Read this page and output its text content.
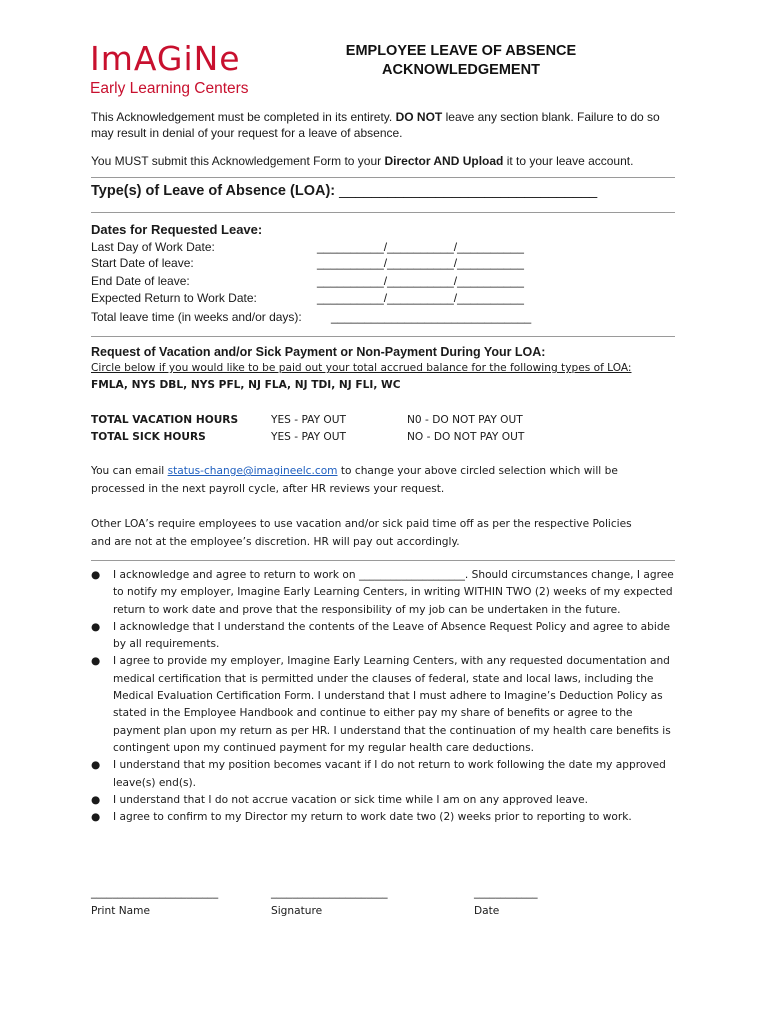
ImAGiNe
Early Learning Centers
EMPLOYEE LEAVE OF ABSENCE
ACKNOWLEDGEMENT
This Acknowledgement must be completed in its entirety. DO NOT leave any section blank. Failure to do so may result in denial of your request for a leave of absence.
You MUST submit this Acknowledgement Form to your Director AND Upload it to your leave account.
Type(s) of Leave of Absence (LOA): ________________________________
Dates for Requested Leave:
Last Day of Work Date:	__________/__________/__________
Start Date of leave:	__________/__________/__________
End Date of leave:	__________/__________/__________
Expected Return to Work Date:	__________/__________/__________
Total leave time (in weeks and/or days): ______________________________
Request of Vacation and/or Sick Payment or Non-Payment During Your LOA:
Circle below if you would like to be paid out your total accrued balance for the following types of LOA:
FMLA, NYS DBL, NYS PFL, NJ FLA, NJ TDI, NJ FLI, WC
TOTAL VACATION HOURS	YES - PAY OUT	N0 - DO NOT PAY OUT
TOTAL SICK HOURS	YES - PAY OUT	NO - DO NOT PAY OUT
You can email status-change@imagineelc.com to change your above circled selection which will be
processed in the next payroll cycle, after HR reviews your request.
Other LOA’s require employees to use vacation and/or sick paid time off as per the respective Policies
and are not at the employee’s discretion. HR will pay out accordingly.
● I acknowledge and agree to return to work on ____________________. Should circumstances change, I agree to notify my employer, Imagine Early Learning Centers, in writing WITHIN TWO (2) weeks of my expected return to work date and prove that the responsibility of my job can be undertaken in the future.
● I acknowledge that I understand the contents of the Leave of Absence Request Policy and agree to abide by all requirements.
● I agree to provide my employer, Imagine Early Learning Centers, with any requested documentation and medical certification that is permitted under the clauses of federal, state and local laws, including the Medical Evaluation Certification Form. I understand that I must adhere to Imagine’s Deduction Policy as stated in the Employee Handbook and continue to either pay my share of benefits or agree to the payment plan upon my return as per HR. I understand that the continuation of my health care benefits is contingent upon my continued payment for my regular health care deductions.
● I understand that my position becomes vacant if I do not return to work following the date my approved leave(s) end(s).
● I understand that I do not accrue vacation or sick time while I am on any approved leave.
● I agree to confirm to my Director my return to work date two (2) weeks prior to reporting to work.
________________________
Print Name
______________________
Signature
____________
Date
